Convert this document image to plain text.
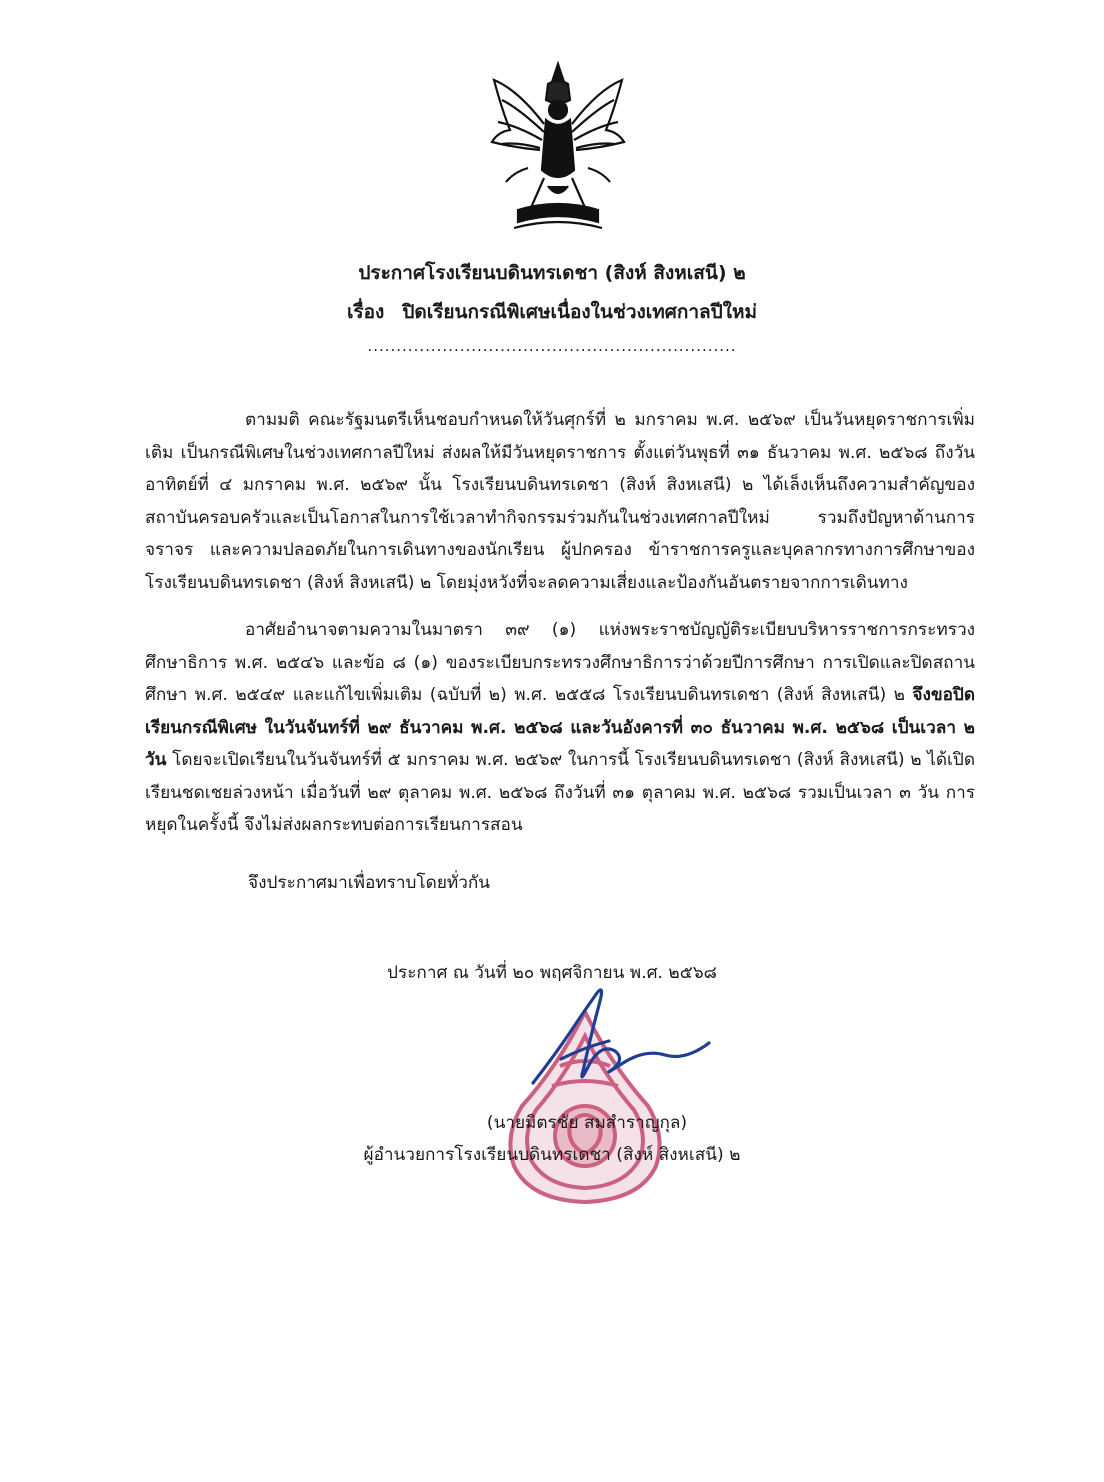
ประกาศโรงเรียนบดินทรเดชา (สิงห์ สิงหเสนี) ๒
เรื่อง ปิดเรียนกรณีพิเศษเนื่องในช่วงเทศกาลปีใหม่
................................................................
ตามมติ คณะรัฐมนตรีเห็นชอบกำหนดให้วันศุกร์ที่ ๒ มกราคม พ.ศ. ๒๕๖๙ เป็นวันหยุดราชการเพิ่มเติม เป็นกรณีพิเศษในช่วงเทศกาลปีใหม่ ส่งผลให้มีวันหยุดราชการ ตั้งแต่วันพุธที่ ๓๑ ธันวาคม พ.ศ. ๒๕๖๘ ถึงวันอาทิตย์ที่ ๔ มกราคม พ.ศ. ๒๕๖๙ นั้น โรงเรียนบดินทรเดชา (สิงห์ สิงหเสนี) ๒ ได้เล็งเห็นถึงความสำคัญของสถาบันครอบครัวและเป็นโอกาสในการใช้เวลาทำกิจกรรมร่วมกันในช่วงเทศกาลปีใหม่ รวมถึงปัญหาด้านการจราจร และความปลอดภัยในการเดินทางของนักเรียน ผู้ปกครอง ข้าราชการครูและบุคลากรทางการศึกษาของโรงเรียนบดินทรเดชา (สิงห์ สิงหเสนี) ๒ โดยมุ่งหวังที่จะลดความเสี่ยงและป้องกันอันตรายจากการเดินทาง
อาศัยอำนาจตามความในมาตรา ๓๙ (๑) แห่งพระราชบัญญัติระเบียบบริหารราชการกระทรวงศึกษาธิการ พ.ศ. ๒๕๔๖ และข้อ ๘ (๑) ของระเบียบกระทรวงศึกษาธิการว่าด้วยปีการศึกษา การเปิดและปิดสถานศึกษา พ.ศ. ๒๕๔๙ และแก้ไขเพิ่มเติม (ฉบับที่ ๒) พ.ศ. ๒๕๕๘ โรงเรียนบดินทรเดชา (สิงห์ สิงหเสนี) ๒ จึงขอปิดเรียนกรณีพิเศษ ในวันจันทร์ที่ ๒๙ ธันวาคม พ.ศ. ๒๕๖๘ และวันอังคารที่ ๓๐ ธันวาคม พ.ศ. ๒๕๖๘ เป็นเวลา ๒ วัน โดยจะเปิดเรียนในวันจันทร์ที่ ๕ มกราคม พ.ศ. ๒๕๖๙ ในการนี้ โรงเรียนบดินทรเดชา (สิงห์ สิงหเสนี) ๒ ได้เปิดเรียนชดเชยล่วงหน้า เมื่อวันที่ ๒๙ ตุลาคม พ.ศ. ๒๕๖๘ ถึงวันที่ ๓๑ ตุลาคม พ.ศ. ๒๕๖๘ รวมเป็นเวลา ๓ วัน การหยุดในครั้งนี้ จึงไม่ส่งผลกระทบต่อการเรียนการสอน
จึงประกาศมาเพื่อทราบโดยทั่วกัน
ประกาศ ณ วันที่ ๒๐ พฤศจิกายน พ.ศ. ๒๕๖๘
(นายมิตรชัย สมสำราญกุล)
ผู้อำนวยการโรงเรียนบดินทรเดชา (สิงห์ สิงหเสนี) ๒
